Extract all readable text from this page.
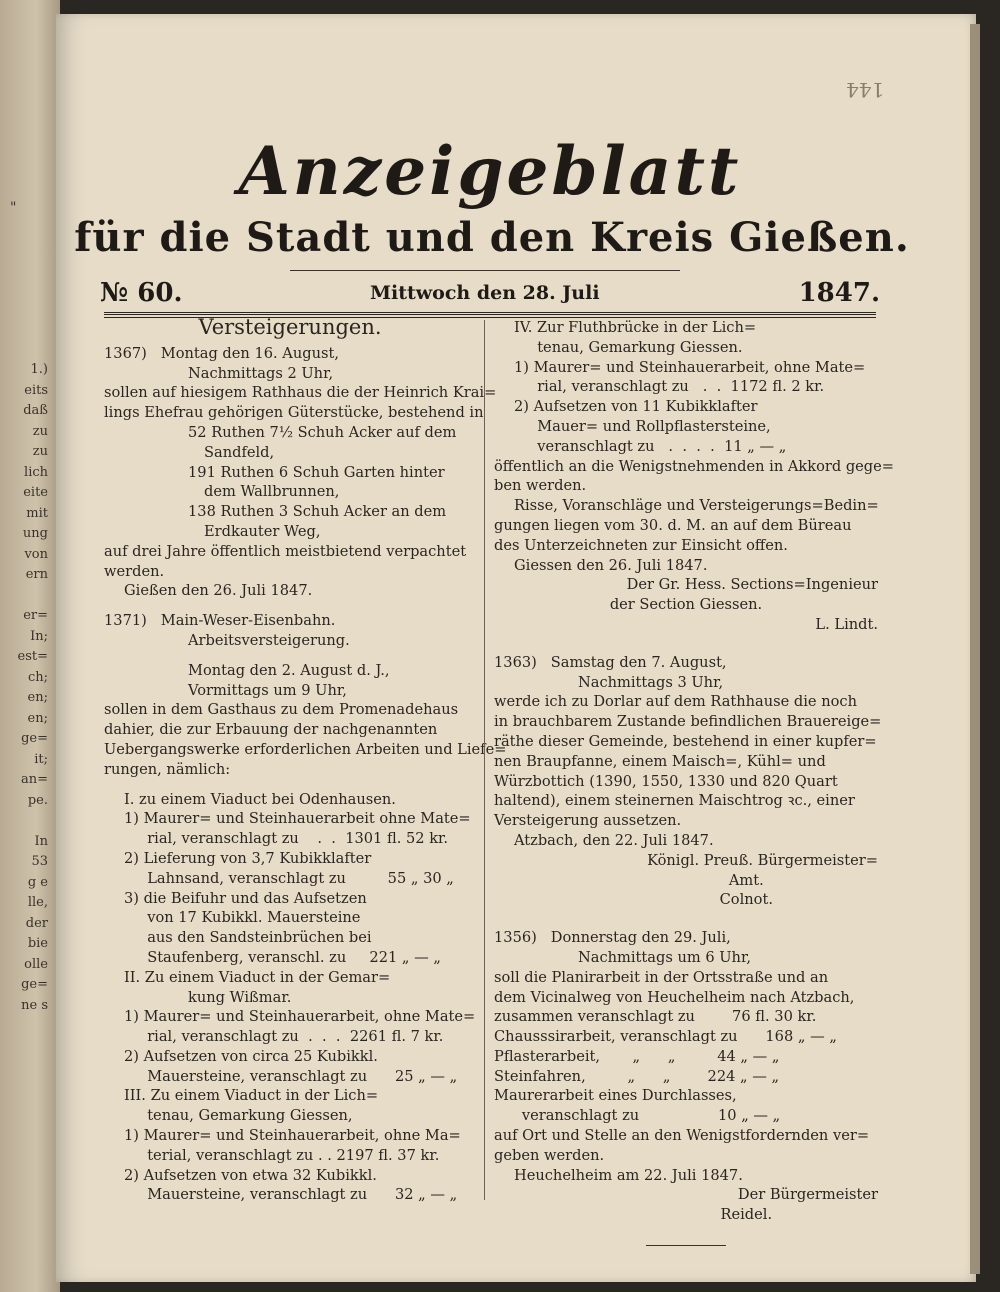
1.)
eits
daß
zu
zu
lich
eite
mit
ung
von
ern

er=
In;
est=
ch;
en;
en;
ge=
it;
an=
pe.

In
53
g e
lle,
der
bie
olle
ge=
ne s
"
144
Anzeigeblatt
für die Stadt und den Kreis Gießen.
№ 60.	Mittwoch den 28. Juli	1847.

Versteigerungen.

1367)   Montag den 16. August,

Nachmittags 2 Uhr,

sollen auf hiesigem Rathhaus die der Heinrich Krai=

lings Ehefrau gehörigen Güterstücke, bestehend in

52 Ruthen 7½ Schuh Acker auf dem

Sandfeld,

191 Ruthen 6 Schuh Garten hinter

dem Wallbrunnen,

138 Ruthen 3 Schuh Acker an dem

Erdkauter Weg,

auf drei Jahre öffentlich meistbietend verpachtet

werden.

Gießen den 26. Juli 1847.

1371)   Main-Weser-Eisenbahn.

Arbeitsversteigerung.

Montag den 2. August d. J.,

Vormittags um 9 Uhr,

sollen in dem Gasthaus zu dem Promenadehaus

dahier, die zur Erbauung der nachgenannten

Uebergangswerke erforderlichen Arbeiten und Liefe=

rungen, nämlich:

I. zu einem Viaduct bei Odenhausen.

1) Maurer= und Steinhauerarbeit ohne Mate=

rial, veranschlagt zu    .  .  1301 fl. 52 kr.

2) Lieferung von 3,7 Kubikklafter

Lahnsand, veranschlagt zu         55 „ 30 „

3) die Beifuhr und das Aufsetzen

von 17 Kubikkl. Mauersteine

aus den Sandsteinbrüchen bei

Staufenberg, veranschl. zu     221 „ — „

II. Zu einem Viaduct in der Gemar=

kung Wißmar.

1) Maurer= und Steinhauerarbeit, ohne Mate=

rial, veranschlagt zu  .  .  .  2261 fl. 7 kr.

2) Aufsetzen von circa 25 Kubikkl.

Mauersteine, veranschlagt zu      25 „ — „

III. Zu einem Viaduct in der Lich=

tenau, Gemarkung Giessen,

1) Maurer= und Steinhauerarbeit, ohne Ma=

terial, veranschlagt zu . . 2197 fl. 37 kr.

2) Aufsetzen von etwa 32 Kubikkl.

Mauersteine, veranschlagt zu      32 „ — „

IV. Zur Fluthbrücke in der Lich=

tenau, Gemarkung Giessen.

1) Maurer= und Steinhauerarbeit, ohne Mate=

rial, veranschlagt zu   .  .  1172 fl. 2 kr.

2) Aufsetzen von 11 Kubikklafter

Mauer= und Rollpflastersteine,

veranschlagt zu   .  .  .  .  11 „ — „

öffentlich an die Wenigstnehmenden in Akkord gege=

ben werden.

Risse, Voranschläge und Versteigerungs=Bedin=

gungen liegen vom 30. d. M. an auf dem Büreau

des Unterzeichneten zur Einsicht offen.

Giessen den 26. Juli 1847.

Der Gr. Hess. Sections=Ingenieur

der Section Giessen.

L. Lindt.

1363)   Samstag den 7. August,

Nachmittags 3 Uhr,

werde ich zu Dorlar auf dem Rathhause die noch

in brauchbarem Zustande befindlichen Brauereige=

räthe dieser Gemeinde, bestehend in einer kupfer=

nen Braupfanne, einem Maisch=, Kühl= und

Würzbottich (1390, 1550, 1330 und 820 Quart

haltend), einem steinernen Maischtrog ꝛc., einer

Versteigerung aussetzen.

Atzbach, den 22. Juli 1847.

Königl. Preuß. Bürgermeister=

Amt.

Colnot.

1356)   Donnerstag den 29. Juli,

Nachmittags um 6 Uhr,

soll die Planirarbeit in der Ortsstraße und an

dem Vicinalweg von Heuchelheim nach Atzbach,

zusammen veranschlagt zu        76 fl. 30 kr.

Chausssirarbeit, veranschlagt zu      168 „ — „

Pflasterarbeit,       „      „         44 „ — „

Steinfahren,         „      „        224 „ — „

Maurerarbeit eines Durchlasses,

veranschlagt zu                 10 „ — „

auf Ort und Stelle an den Wenigstfordernden ver=

geben werden.

Heuchelheim am 22. Juli 1847.

Der Bürgermeister

Reidel.
